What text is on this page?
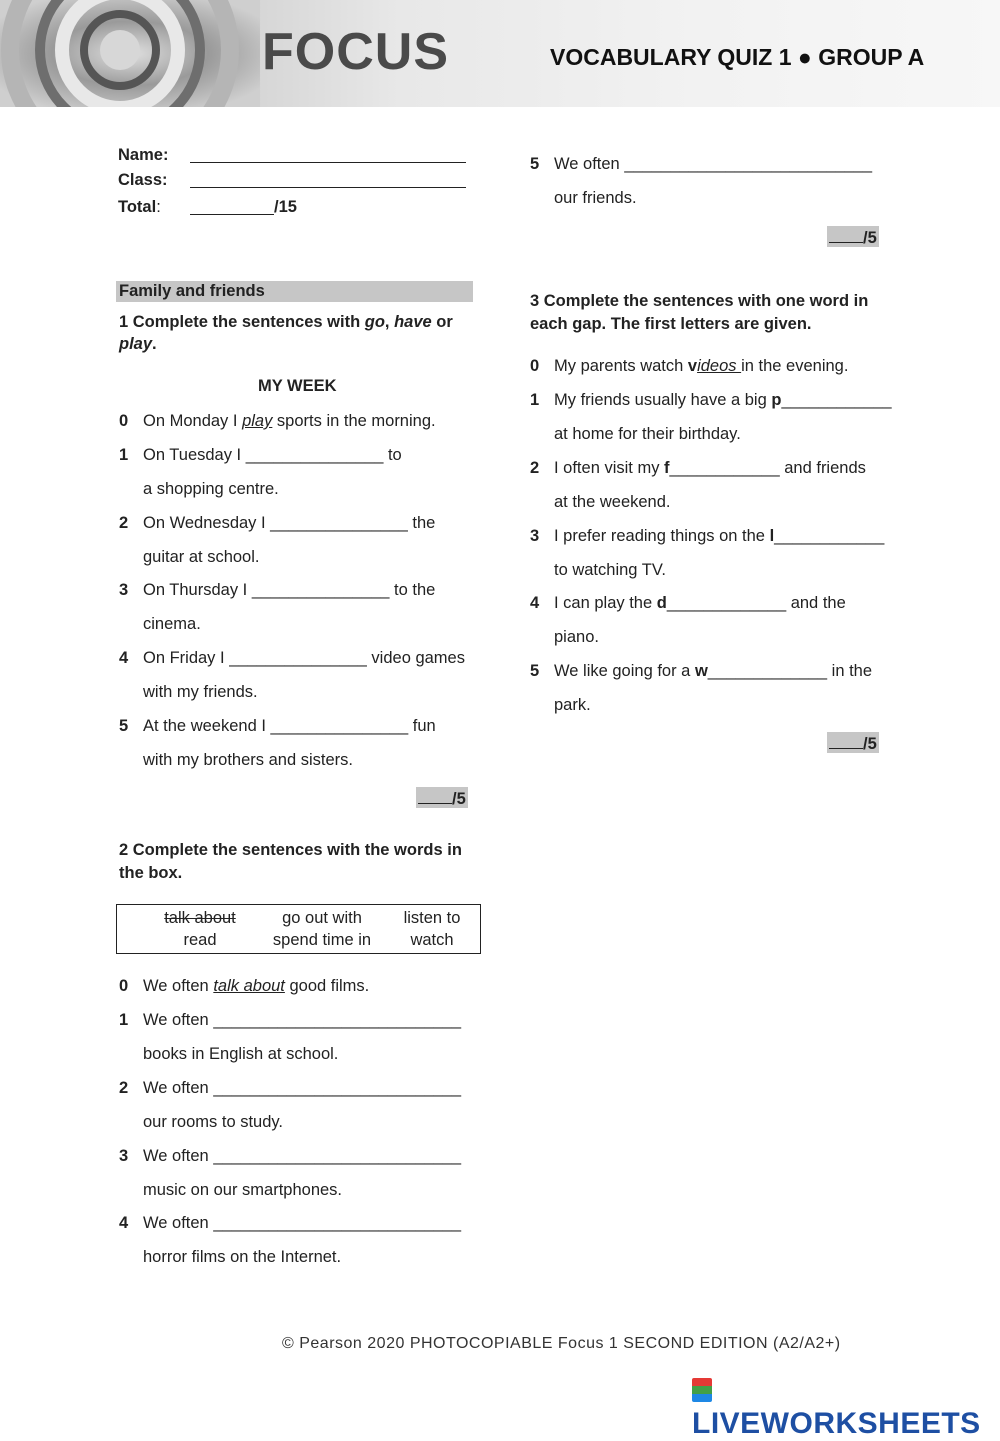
FOCUS	VOCABULARY QUIZ 1 ● GROUP A
Name:
Class:
Total:	/15
Family and friends
1 Complete the sentences with go, have or
play.
MY WEEK
0 On Monday I play sports in the morning.
1 On Tuesday I _______________ to
a shopping centre.
2 On Wednesday I _______________ the
guitar at school.
3 On Thursday I _______________ to the
cinema.
4 On Friday I _______________ video games
with my friends.
5 At the weekend I _______________ fun
with my brothers and sisters.
/5
2 Complete the sentences with the words in
the box.
talk about	go out with	listen to
read	spend time in	watch
0 We often talk about good films.
1 We often ___________________________
books in English at school.
2 We often ___________________________
our rooms to study.
3 We often ___________________________
music on our smartphones.
4 We often ___________________________
horror films on the Internet.
5 We often ___________________________
our friends.
/5
3 Complete the sentences with one word in
each gap. The first letters are given.
0 My parents watch videos in the evening.
1 My friends usually have a big p____________
at home for their birthday.
2 I often visit my f____________ and friends
at the weekend.
3 I prefer reading things on the l____________
to watching TV.
4 I can play the d_____________ and the
piano.
5 We like going for a w_____________ in the
park.
/5
© Pearson 2020 PHOTOCOPIABLE Focus 1 SECOND EDITION (A2/A2+)
LIVEWORKSHEETS
